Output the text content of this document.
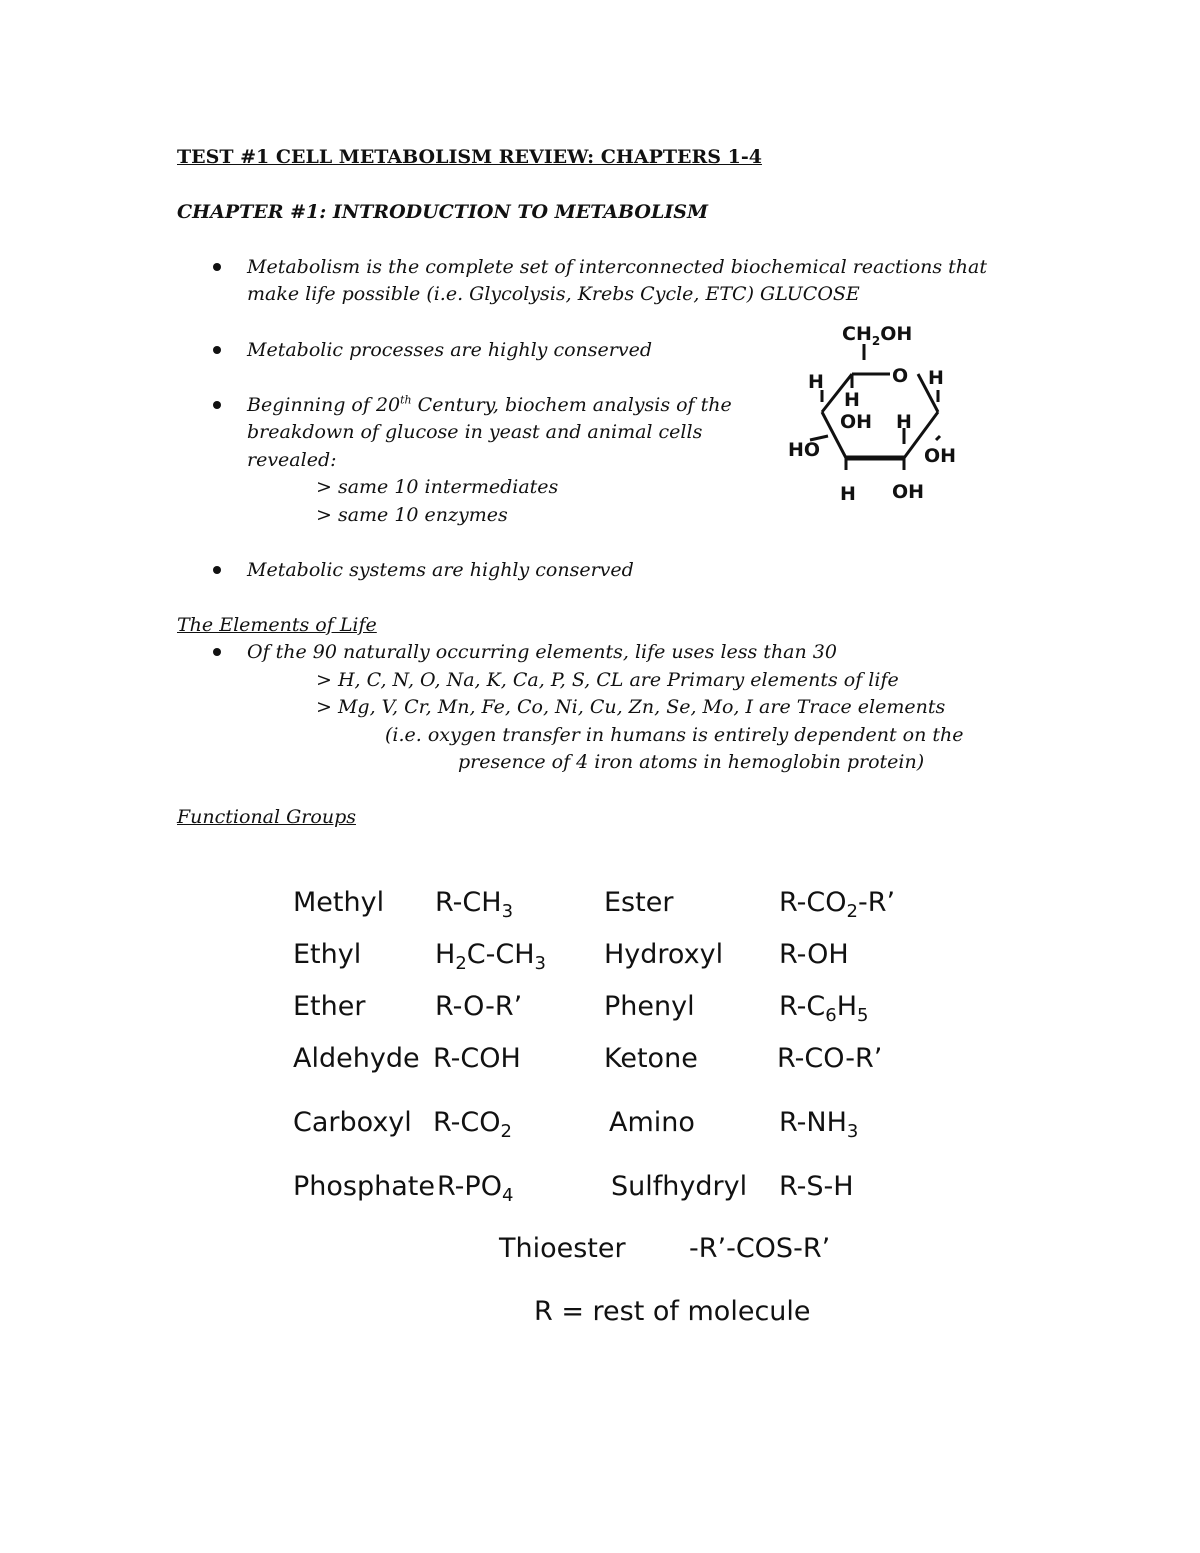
TEST #1 CELL METABOLISM REVIEW: CHAPTERS 1-4
CHAPTER #1: INTRODUCTION TO METABOLISM
Metabolism is the complete set of interconnected biochemical reactions that
make life possible (i.e. Glycolysis, Krebs Cycle, ETC) GLUCOSE
Metabolic processes are highly conserved
Beginning of 20th Century, biochem analysis of the
breakdown of glucose in yeast and animal cells
revealed:
> same 10 intermediates
> same 10 enzymes
Metabolic systems are highly conserved
$CH_2OH$
O H
H
H
OH H
HO	OH
H OH
The Elements of Life
Of the 90 naturally occurring elements, life uses less than 30
> H, C, N, O, Na, K, Ca, P, S, CL are Primary elements of life
> Mg, V, Cr, Mn, Fe, Co, Ni, Cu, Zn, Se, Mo, I are Trace elements
(i.e. oxygen transfer in humans is entirely dependent on the
presence of 4 iron atoms in hemoglobin protein)
Functional Groups
Methyl $R-CH_3$	Ester	$R-CO_2-R$’
Ethyl	$H_2C-CH_3$ Hydroxyl R-OH
Ether	R-O-R’	Phenyl	$R-C_6H_5$
Aldehyde R-COH	Ketone	R-CO-R’
Carboxyl $R-CO_2$	Amino	$R-NH_3$
Phosphate $R-PO_4$	Sulfhydryl R-S-H
Thioester -R’-COS-R’
R = rest of molecule
